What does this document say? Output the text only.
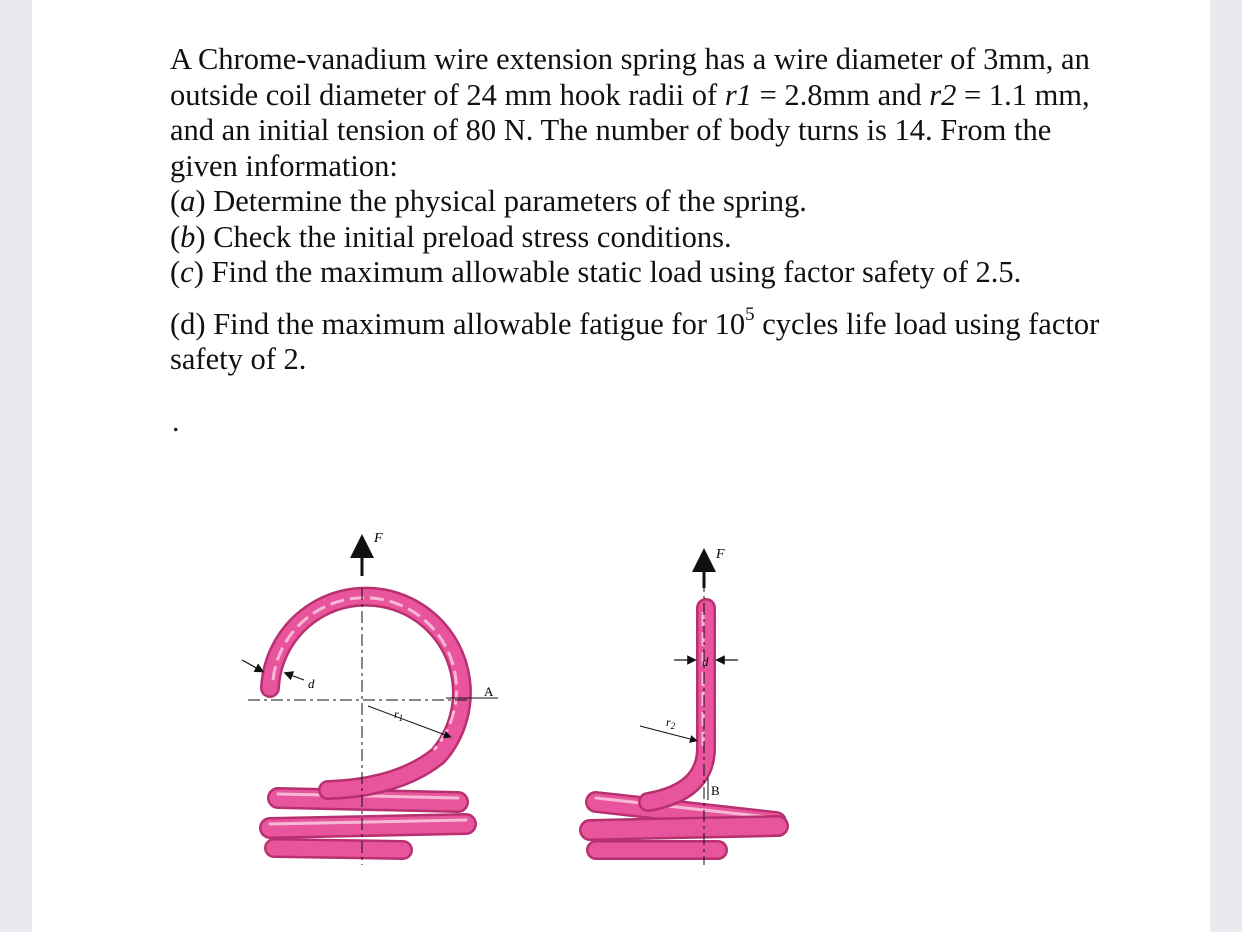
A Chrome-vanadium wire extension spring has a wire diameter of 3mm, an outside coil diameter of 24 mm hook radii of r1 = 2.8mm and r2 = 1.1 mm, and an initial tension of 80 N. The number of body turns is 14. From the given information:

(a) Determine the physical parameters of the spring.

(b) Check the initial preload stress conditions.

(c) Find the maximum allowable static load using factor safety of 2.5.

(d) Find the maximum allowable fatigue for $10^5$ cycles life load using factor safety of 2.

.
F
d
$r_1$
A
F
d
$r_2$
B
